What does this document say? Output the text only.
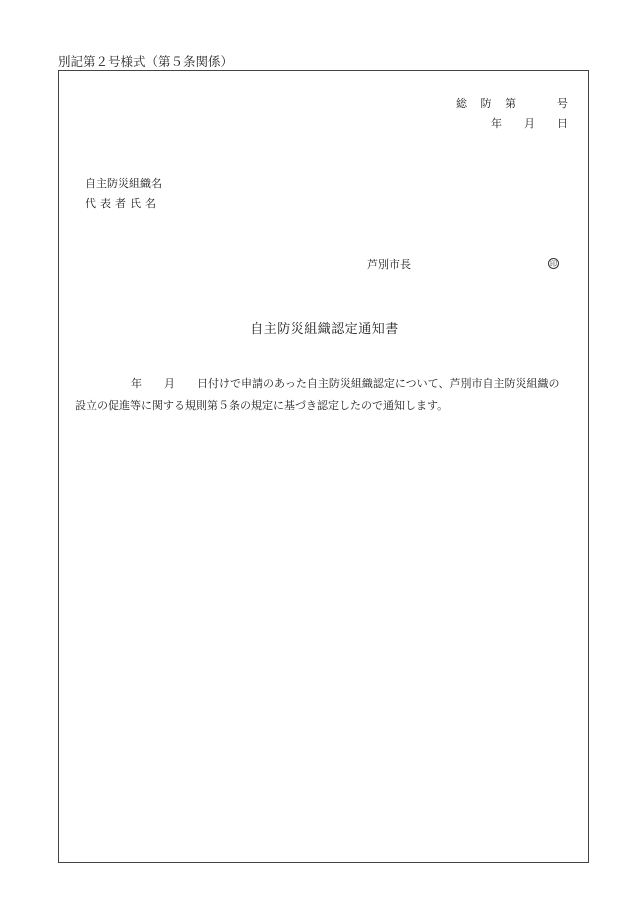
別記第２号様式（第５条関係）
総 防 第	号
年　　月　　日
自主防災組織名
代表者氏名
芦別市長	印
自主防災組織認定通知書
年　　月　　日付けで申請のあった自主防災組織認定について、芦別市自主防災組織の
設立の促進等に関する規則第５条の規定に基づき認定したので通知します。
